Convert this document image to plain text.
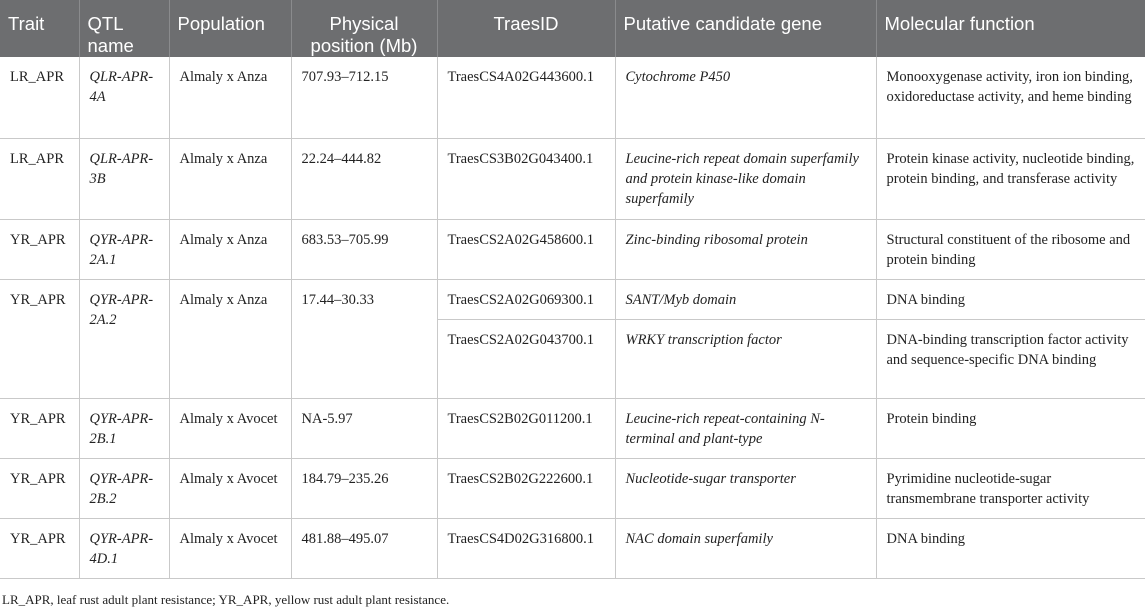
Trait	QTL name	Population	Physical position (Mb)	TraesID	Putative candidate gene	Molecular function
LR_APR	QLR-APR-4A	Almaly x Anza	707.93–712.15	TraesCS4A02G443600.1	Cytochrome P450	Monooxygenase activity, iron ion binding, oxidoreductase activity, and heme binding
LR_APR	QLR-APR-3B	Almaly x Anza	22.24–444.82	TraesCS3B02G043400.1	Leucine-rich repeat domain superfamily and protein kinase-like domain superfamily	Protein kinase activity, nucleotide binding, protein binding, and transferase activity
YR_APR	QYR-APR-2A.1	Almaly x Anza	683.53–705.99	TraesCS2A02G458600.1	Zinc-binding ribosomal protein	Structural constituent of the ribosome and protein binding
YR_APR	QYR-APR-2A.2	Almaly x Anza	17.44–30.33	TraesCS2A02G069300.1	SANT/Myb domain	DNA binding
				TraesCS2A02G043700.1	WRKY transcription factor	DNA-binding transcription factor activity and sequence-specific DNA binding
YR_APR	QYR-APR-2B.1	Almaly x Avocet	NA-5.97	TraesCS2B02G011200.1	Leucine-rich repeat-containing N-terminal and plant-type	Protein binding
YR_APR	QYR-APR-2B.2	Almaly x Avocet	184.79–235.26	TraesCS2B02G222600.1	Nucleotide-sugar transporter	Pyrimidine nucleotide-sugar transmembrane transporter activity
YR_APR	QYR-APR-4D.1	Almaly x Avocet	481.88–495.07	TraesCS4D02G316800.1	NAC domain superfamily	DNA binding
LR_APR, leaf rust adult plant resistance; YR_APR, yellow rust adult plant resistance.
